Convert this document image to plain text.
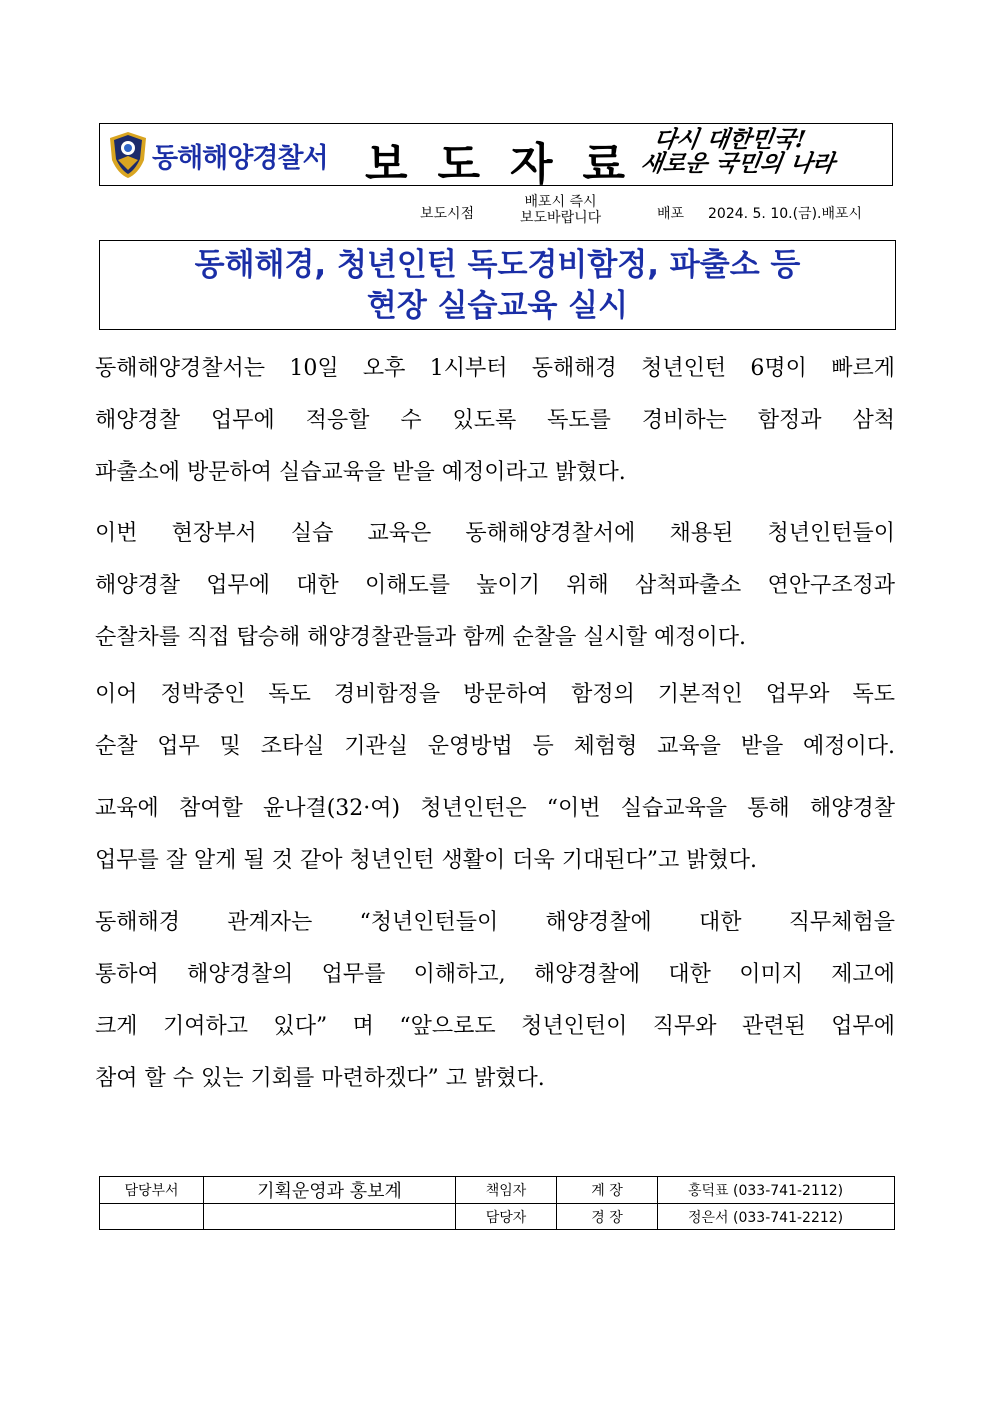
동해해양경찰서 보도자료
다시 대한민국!
새로운 국민의 나라
보도시점
배포시 즉시
보도바랍니다	배포 2024. 5. 10.(금).배포시
동해해경, 청년인턴 독도경비함정, 파출소 등
현장 실습교육 실시
동해해양경찰서는 10일 오후 1시부터 동해해경 청년인턴 6명이 빠르게
해양경찰 업무에 적응할 수 있도록 독도를 경비하는 함정과 삼척
파출소에 방문하여 실습교육을 받을 예정이라고 밝혔다.
이번 현장부서 실습 교육은 동해해양경찰서에 채용된 청년인턴들이
해양경찰 업무에 대한 이해도를 높이기 위해 삼척파출소 연안구조정과
순찰차를 직접 탑승해 해양경찰관들과 함께 순찰을 실시할 예정이다.
이어 정박중인 독도 경비함정을 방문하여 함정의 기본적인 업무와 독도
순찰 업무 및 조타실 기관실 운영방법 등 체험형 교육을 받을 예정이다.
교육에 참여할 윤나결(32·여) 청년인턴은 “이번 실습교육을 통해 해양경찰
업무를 잘 알게 될 것 같아 청년인턴 생활이 더욱 기대된다”고 밝혔다.
동해해경 관계자는 “청년인턴들이 해양경찰에 대한 직무체험을
통하여 해양경찰의 업무를 이해하고, 해양경찰에 대한 이미지 제고에
크게 기여하고 있다” 며 “앞으로도 청년인턴이 직무와 관련된 업무에
참여 할 수 있는 기회를 마련하겠다” 고 밝혔다.
담당부서	기획운영과 홍보계	책임자	계 장	홍덕표 (033-741-2112)
		담당자	경 장	정은서 (033-741-2212)
